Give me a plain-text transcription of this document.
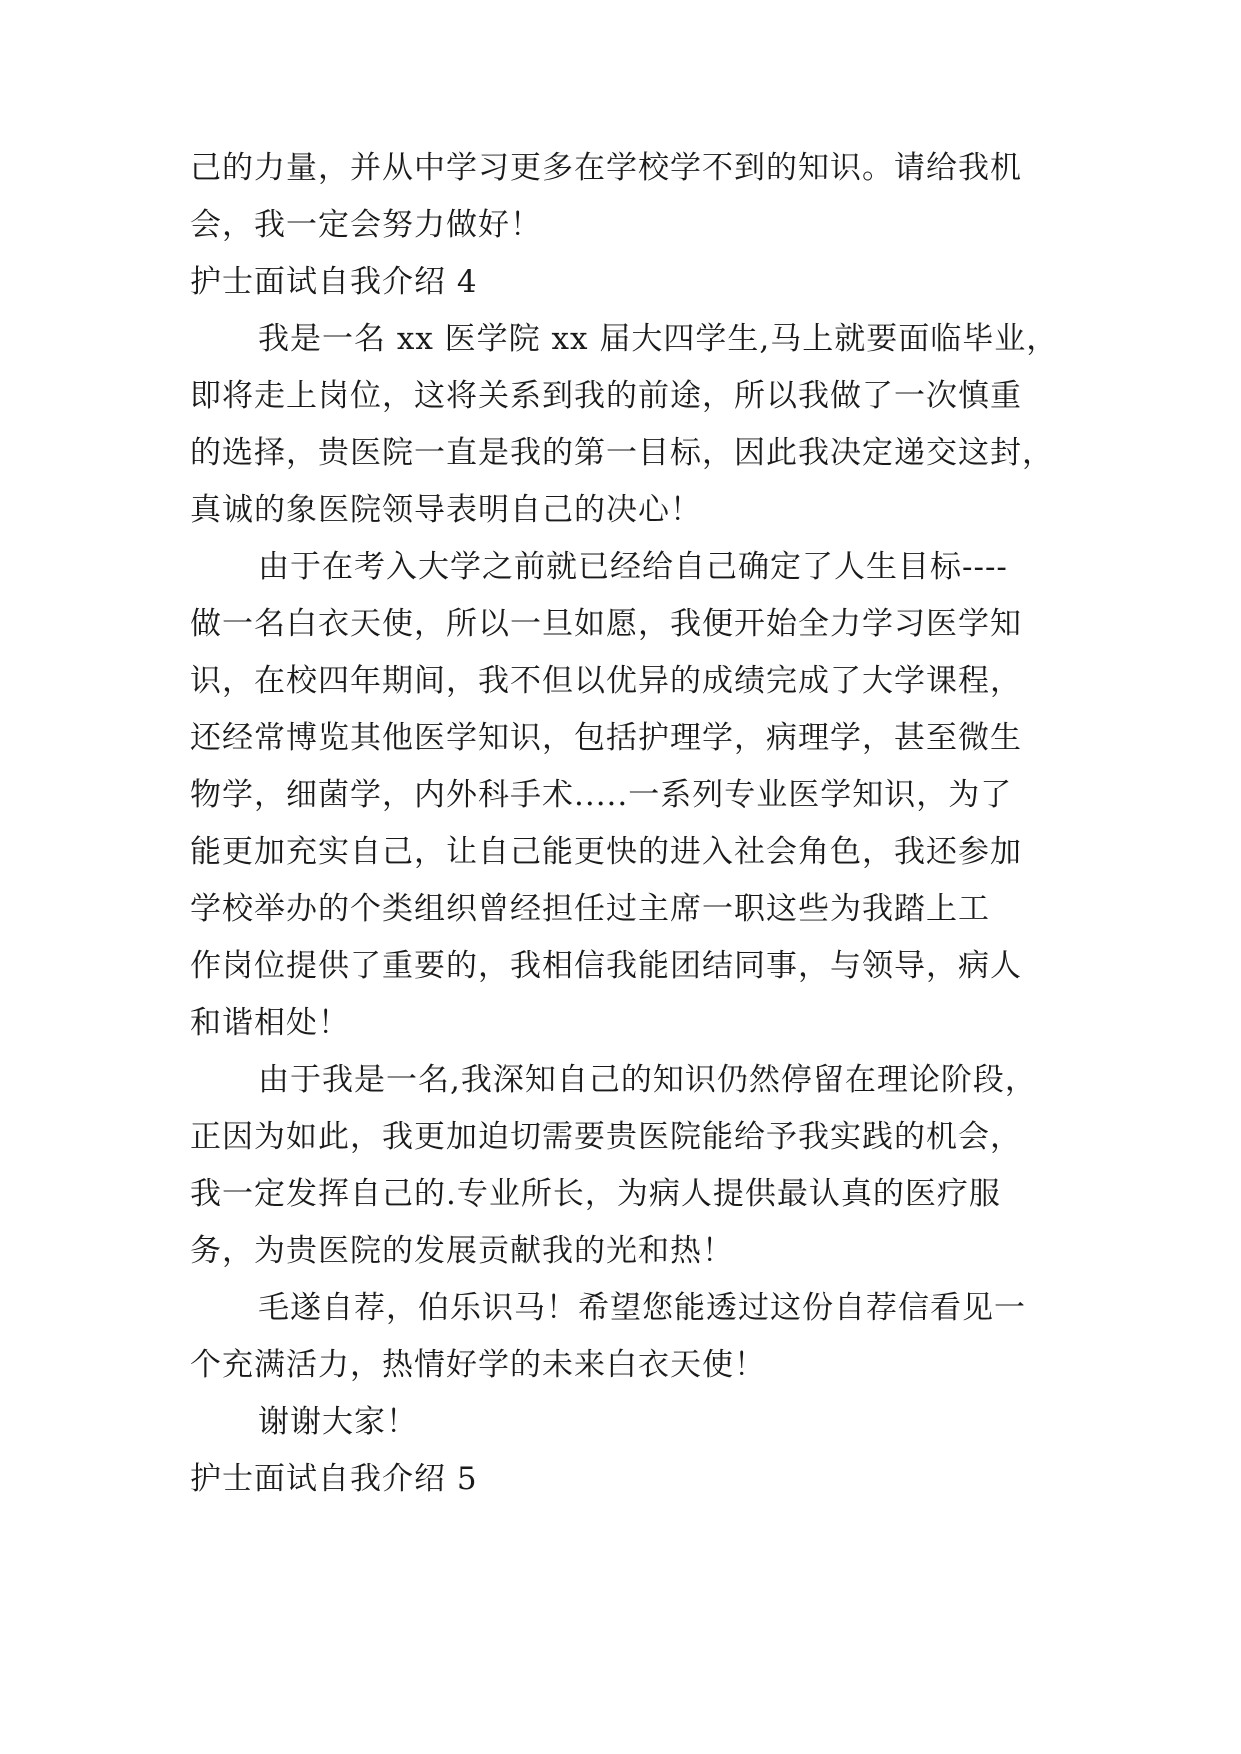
己的力量，并从中学习更多在学校学不到的知识。请给我机
会，我一定会努力做好！
护士面试自我介绍 4
我是一名 xx 医学院 xx 届大四学生,马上就要面临毕业，
即将走上岗位，这将关系到我的前途，所以我做了一次慎重
的选择，贵医院一直是我的第一目标，因此我决定递交这封，
真诚的象医院领导表明自己的决心！
由于在考入大学之前就已经给自己确定了人生目标----
做一名白衣天使，所以一旦如愿，我便开始全力学习医学知
识，在校四年期间，我不但以优异的成绩完成了大学课程，
还经常博览其他医学知识，包括护理学，病理学，甚至微生
物学，细菌学，内外科手术.....一系列专业医学知识，为了
能更加充实自己，让自己能更快的进入社会角色，我还参加
学校举办的个类组织曾经担任过主席一职这些为我踏上工
作岗位提供了重要的，我相信我能团结同事，与领导，病人
和谐相处！
由于我是一名,我深知自己的知识仍然停留在理论阶段，
正因为如此，我更加迫切需要贵医院能给予我实践的机会，
我一定发挥自己的.专业所长，为病人提供最认真的医疗服
务，为贵医院的发展贡献我的光和热！
毛遂自荐，伯乐识马！希望您能透过这份自荐信看见一
个充满活力，热情好学的未来白衣天使！
谢谢大家！
护士面试自我介绍 5
